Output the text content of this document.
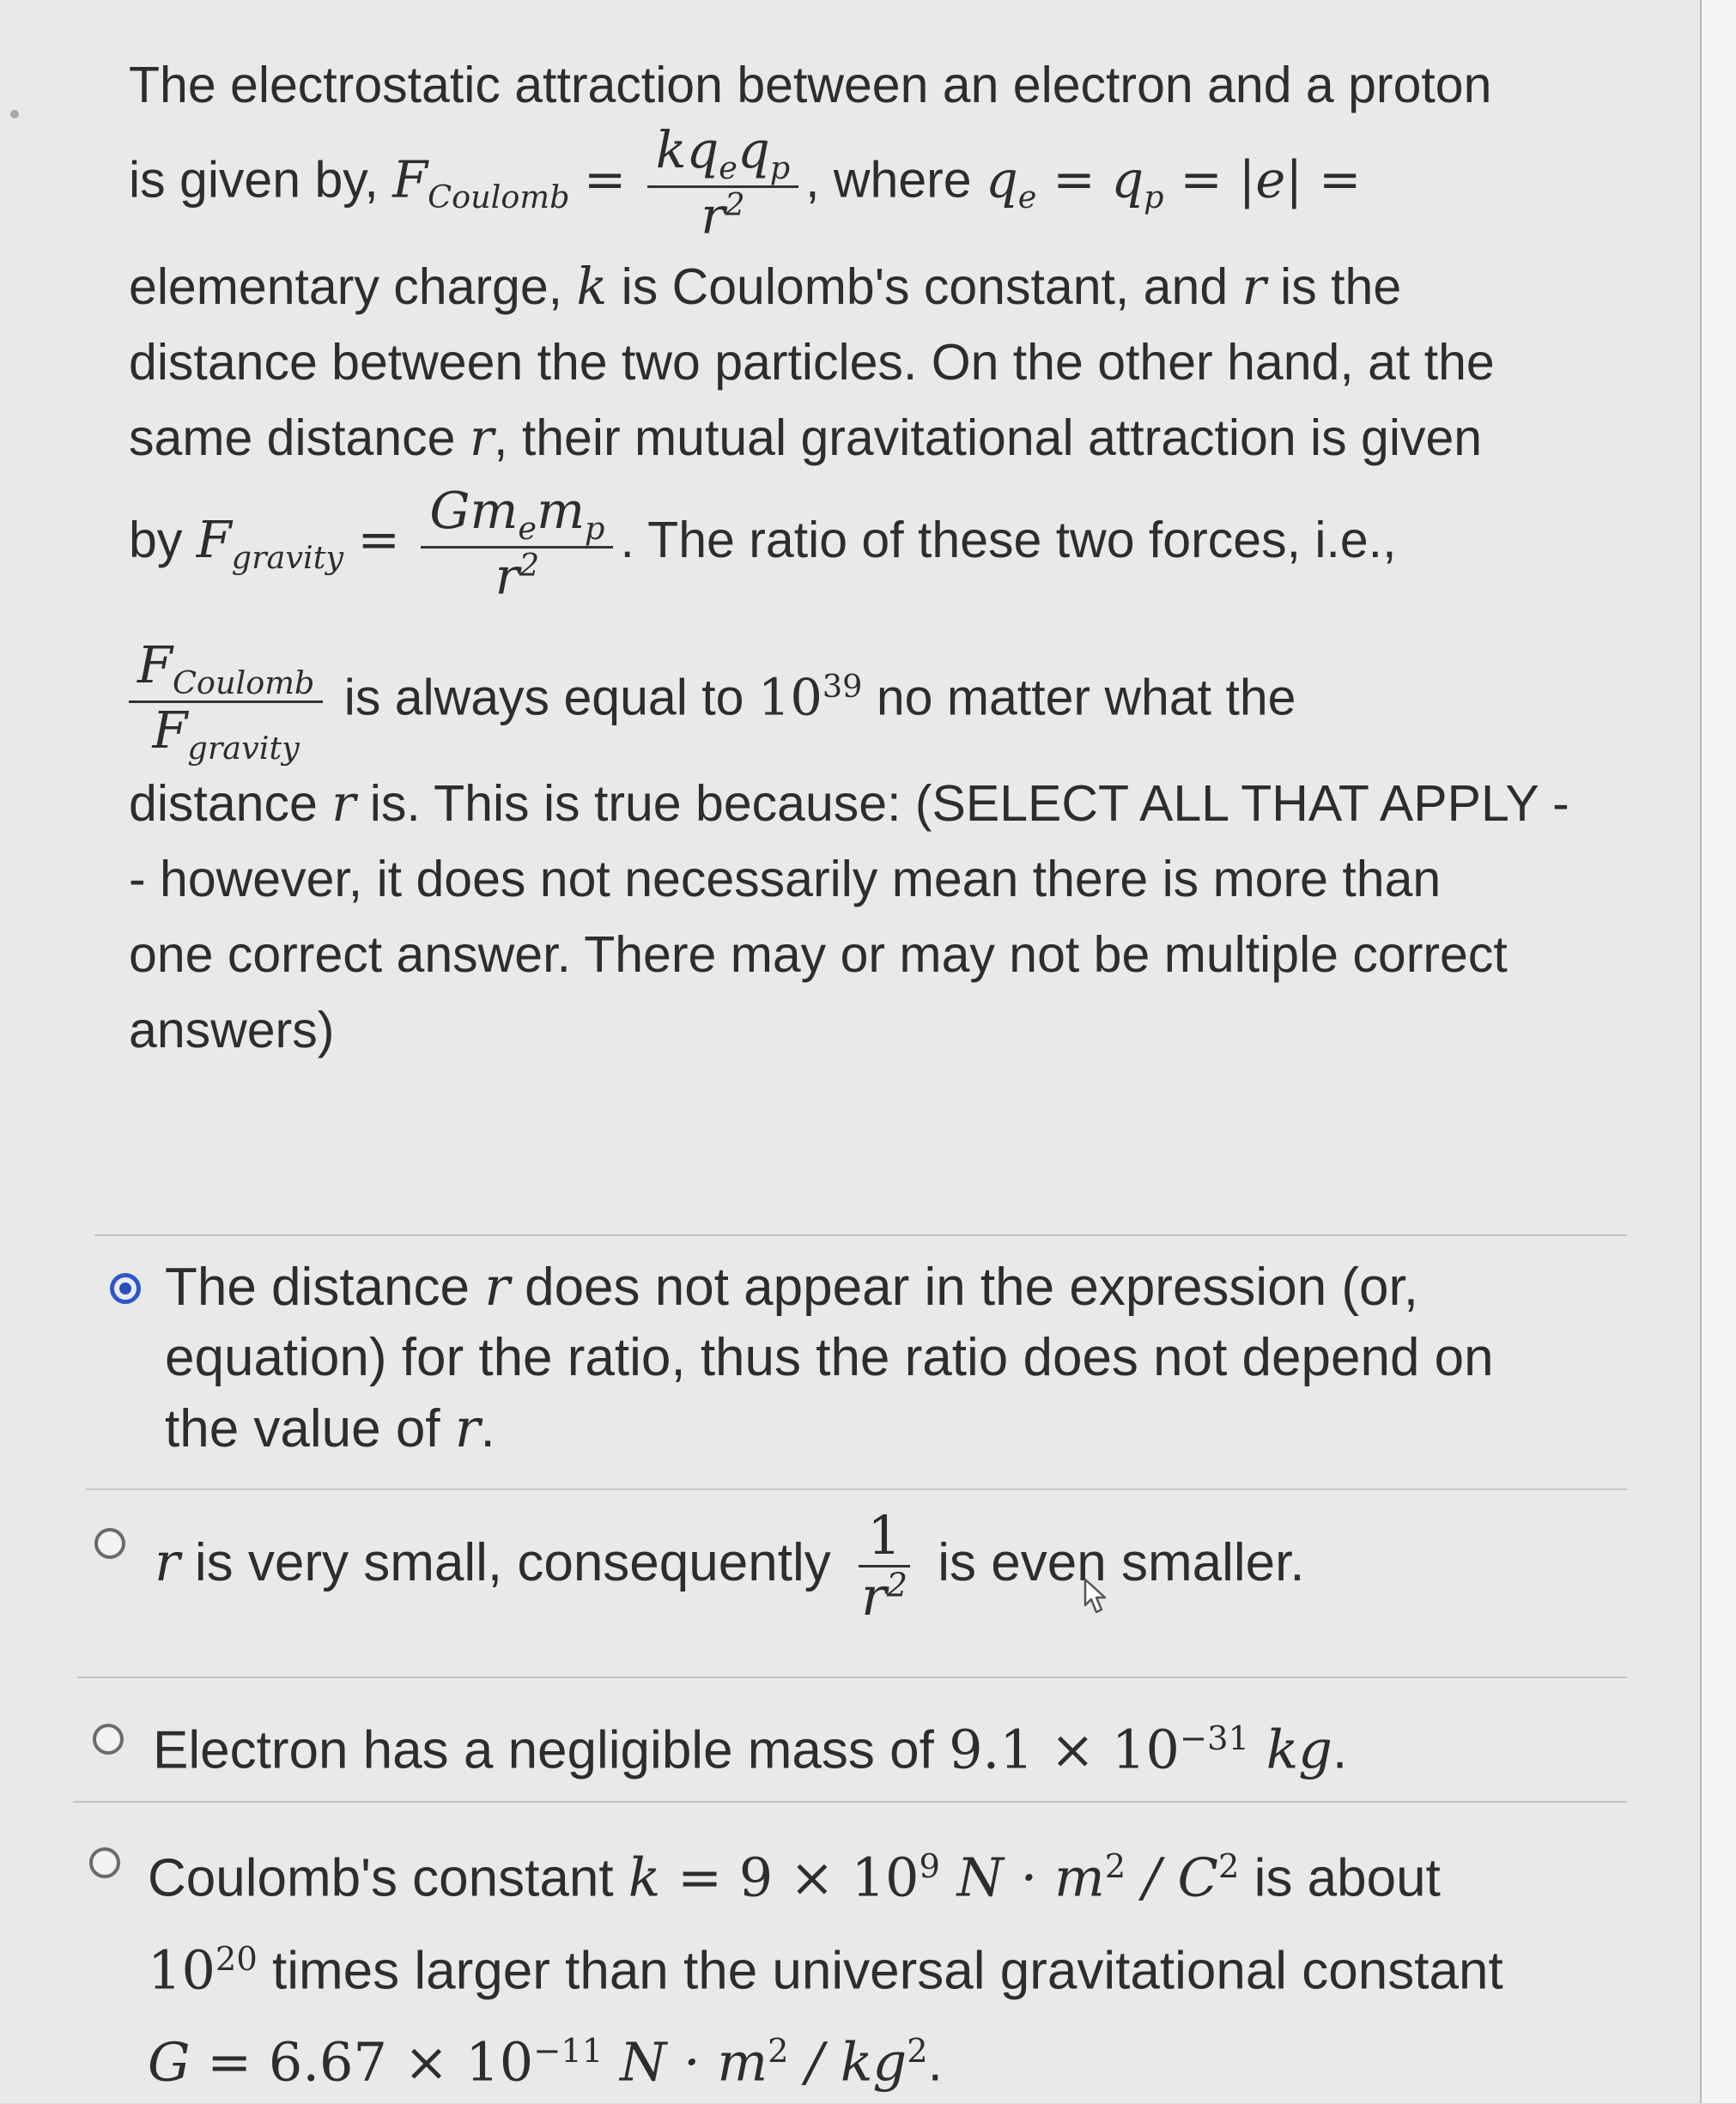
The electrostatic attraction between an electron and a proton

is given by, $F_{Coulomb} = \frac{kq_eq_p}{r^2}$ , where $q_e = q_p = |e|$ =

elementary charge, k is Coulomb's constant, and r is the

distance between the two particles. On the other hand, at the

same distance r, their mutual gravitational attraction is given

by $F_{gravity} = \frac{Gm_em_p}{r^2}$ . The ratio of these two forces, i.e.,

$\frac{F_{Coulomb}}{F_{gravity}}$ is always equal to $10^{39}$ no matter what the

distance r is. This is true because: (SELECT ALL THAT APPLY -

- however, it does not necessarily mean there is more than

one correct answer. There may or may not be multiple correct

answers)

The distance r does not appear in the expression (or,
equation) for the ratio, thus the ratio does not depend on
the value of r.
r is very small, consequently $\frac{1}{r^2}$ is even smaller.
Electron has a negligible mass of $9.1 \times 10^{-31}$ kg.
Coulomb's constant $k = 9 \times 10^9$ $N \cdot m^2 / C^2$ is about
$10^{20}$ times larger than the universal gravitational constant
$G = 6.67 \times 10^{-11}$ $N \cdot m^2 / kg^2$.
